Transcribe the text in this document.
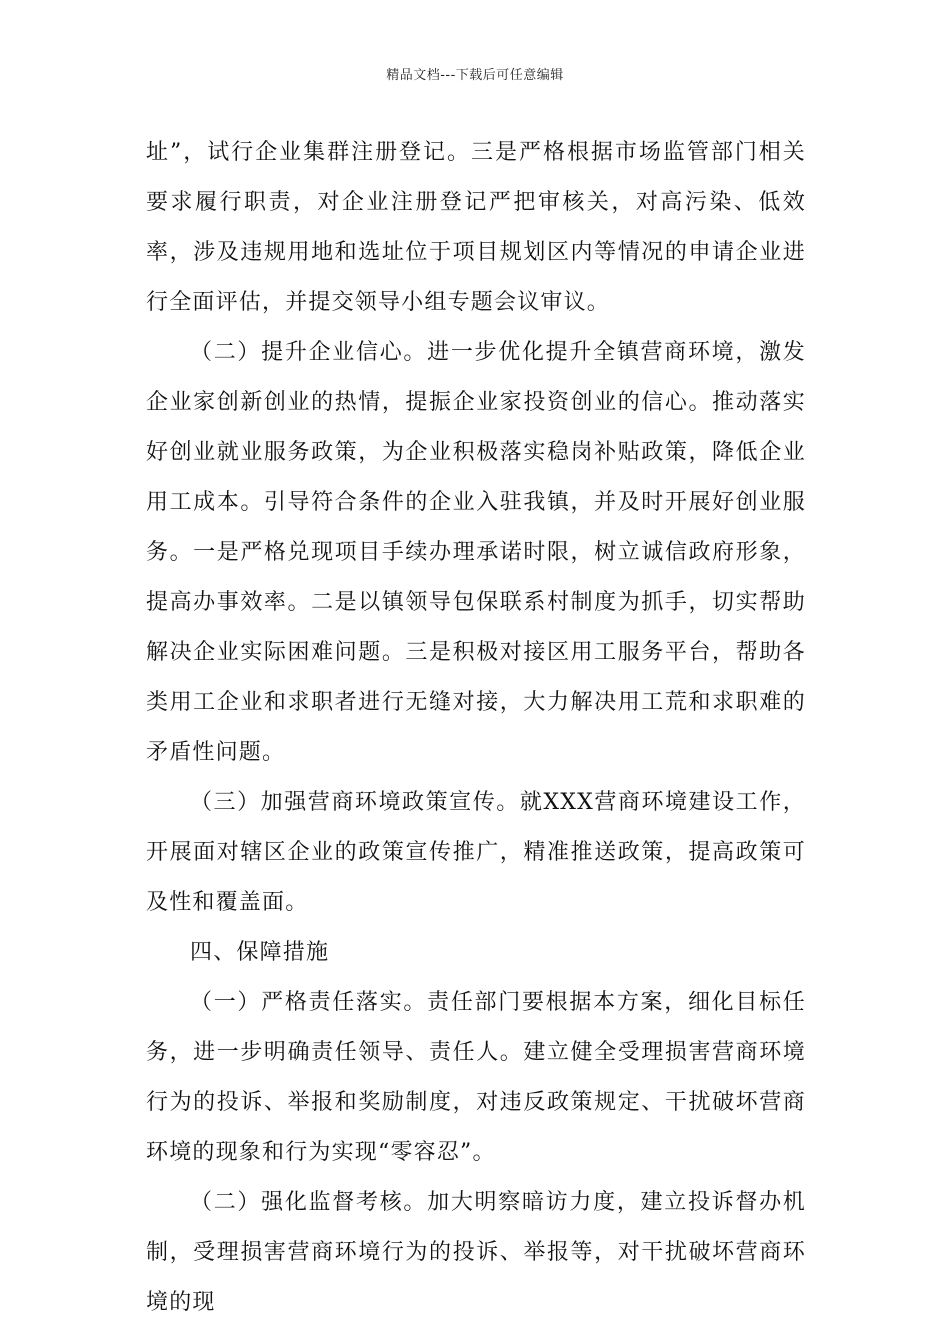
精品文档---下载后可任意编辑

址”，试行企业集群注册登记。三是严格根据市场监管部门相关要求履行职责，对企业注册登记严把审核关，对高污染、低效率，涉及违规用地和选址位于项目规划区内等情况的申请企业进行全面评估，并提交领导小组专题会议审议。

（二）提升企业信心。进一步优化提升全镇营商环境，激发企业家创新创业的热情，提振企业家投资创业的信心。推动落实好创业就业服务政策，为企业积极落实稳岗补贴政策，降低企业用工成本。引导符合条件的企业入驻我镇，并及时开展好创业服务。一是严格兑现项目手续办理承诺时限，树立诚信政府形象，提高办事效率。二是以镇领导包保联系村制度为抓手，切实帮助解决企业实际困难问题。三是积极对接区用工服务平台，帮助各类用工企业和求职者进行无缝对接，大力解决用工荒和求职难的矛盾性问题。

（三）加强营商环境政策宣传。就XXX营商环境建设工作，开展面对辖区企业的政策宣传推广，精准推送政策，提高政策可及性和覆盖面。

四、保障措施

（一）严格责任落实。责任部门要根据本方案，细化目标任务，进一步明确责任领导、责任人。建立健全受理损害营商环境行为的投诉、举报和奖励制度，对违反政策规定、干扰破坏营商环境的现象和行为实现“零容忍”。

（二）强化监督考核。加大明察暗访力度，建立投诉督办机制，受理损害营商环境行为的投诉、举报等，对干扰破坏营商环境的现
